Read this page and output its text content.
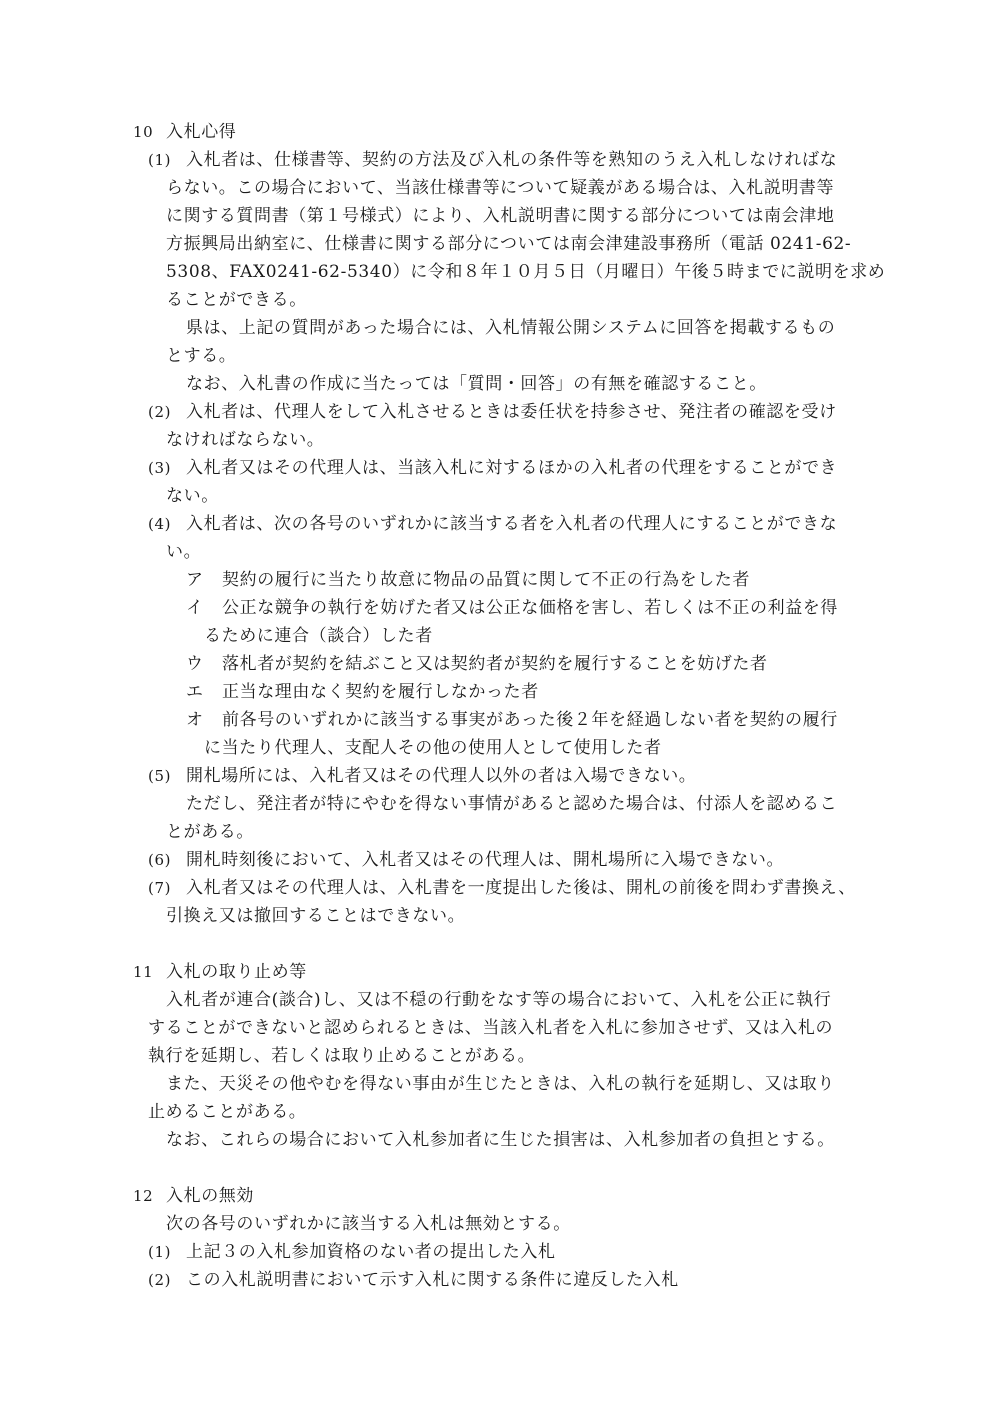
10 入札心得
(1) 入札者は、仕様書等、契約の方法及び入札の条件等を熟知のうえ入札しなければな
らない。この場合において、当該仕様書等について疑義がある場合は、入札説明書等
に関する質問書（第１号様式）により、入札説明書に関する部分については南会津地
方振興局出納室に、仕様書に関する部分については南会津建設事務所（電話 0241-62-
5308、FAX0241-62-5340）に令和８年１０月５日（月曜日）午後５時までに説明を求め
ることができる。
県は、上記の質問があった場合には、入札情報公開システムに回答を掲載するもの
とする。
なお、入札書の作成に当たっては「質問・回答」の有無を確認すること。
(2) 入札者は、代理人をして入札させるときは委任状を持参させ、発注者の確認を受け
なければならない。
(3) 入札者又はその代理人は、当該入札に対するほかの入札者の代理をすることができ
ない。
(4) 入札者は、次の各号のいずれかに該当する者を入札者の代理人にすることができな
い。
ア 契約の履行に当たり故意に物品の品質に関して不正の行為をした者
イ 公正な競争の執行を妨げた者又は公正な価格を害し、若しくは不正の利益を得
るために連合（談合）した者
ウ 落札者が契約を結ぶこと又は契約者が契約を履行することを妨げた者
エ 正当な理由なく契約を履行しなかった者
オ 前各号のいずれかに該当する事実があった後２年を経過しない者を契約の履行
に当たり代理人、支配人その他の使用人として使用した者
(5) 開札場所には、入札者又はその代理人以外の者は入場できない。
ただし、発注者が特にやむを得ない事情があると認めた場合は、付添人を認めるこ
とがある。
(6) 開札時刻後において、入札者又はその代理人は、開札場所に入場できない。
(7) 入札者又はその代理人は、入札書を一度提出した後は、開札の前後を問わず書換え、
引換え又は撤回することはできない。
11 入札の取り止め等
入札者が連合(談合)し、又は不穏の行動をなす等の場合において、入札を公正に執行
することができないと認められるときは、当該入札者を入札に参加させず、又は入札の
執行を延期し、若しくは取り止めることがある。
また、天災その他やむを得ない事由が生じたときは、入札の執行を延期し、又は取り
止めることがある。
なお、これらの場合において入札参加者に生じた損害は、入札参加者の負担とする。
12 入札の無効
次の各号のいずれかに該当する入札は無効とする。
(1) 上記３の入札参加資格のない者の提出した入札
(2) この入札説明書において示す入札に関する条件に違反した入札
